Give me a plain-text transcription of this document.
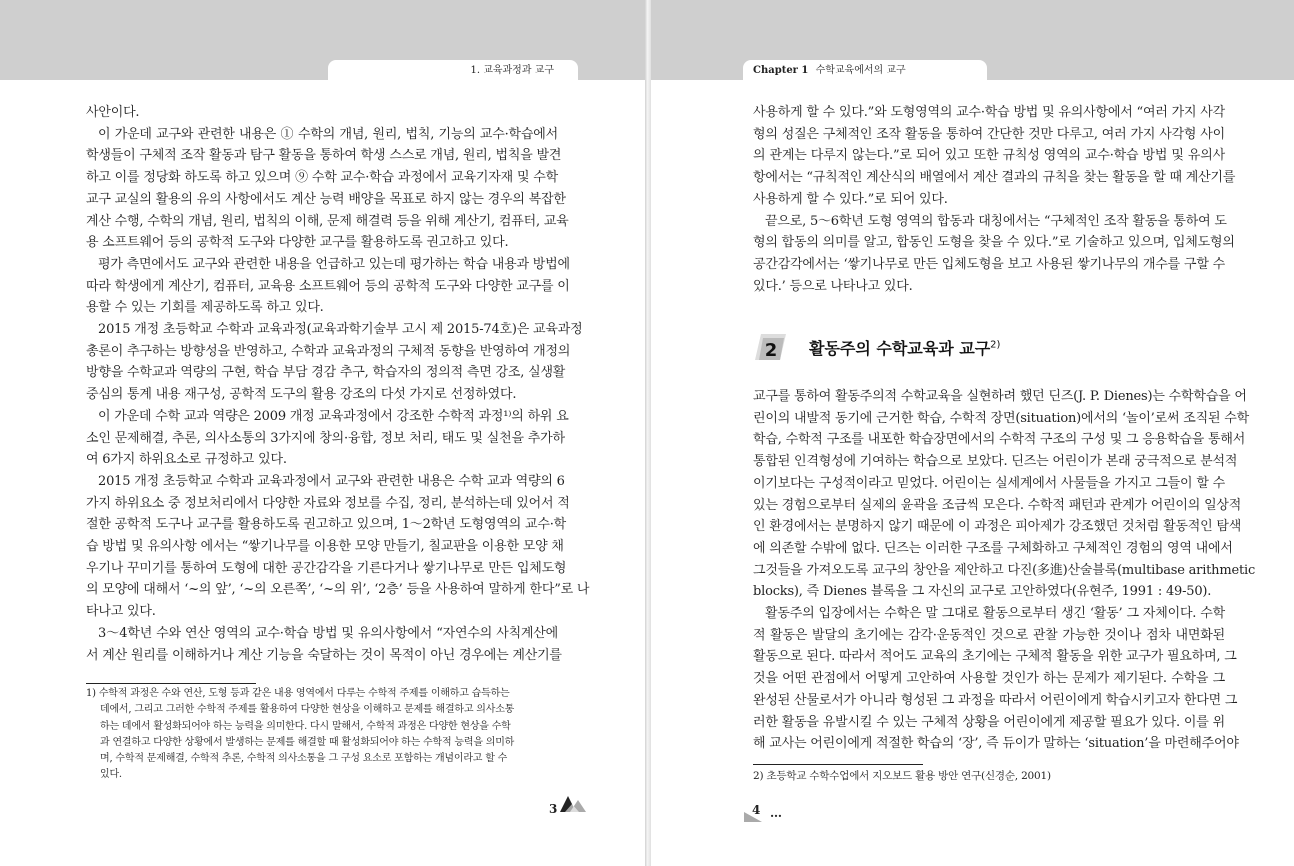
1. 교육과정과 교구	Chapter 1 수학교육에서의 교구
사안이다.
이 가운데 교구와 관련한 내용은 ① 수학의 개념, 원리, 법칙, 기능의 교수·학습에서
학생들이 구체적 조작 활동과 탐구 활동을 통하여 학생 스스로 개념, 원리, 법칙을 발견
하고 이를 정당화 하도록 하고 있으며 ⑨ 수학 교수·학습 과정에서 교육기자재 및 수학
교구 교실의 활용의 유의 사항에서도 계산 능력 배양을 목표로 하지 않는 경우의 복잡한
계산 수행, 수학의 개념, 원리, 법칙의 이해, 문제 해결력 등을 위해 계산기, 컴퓨터, 교육
용 소프트웨어 등의 공학적 도구와 다양한 교구를 활용하도록 권고하고 있다.
평가 측면에서도 교구와 관련한 내용을 언급하고 있는데 평가하는 학습 내용과 방법에
따라 학생에게 계산기, 컴퓨터, 교육용 소프트웨어 등의 공학적 도구와 다양한 교구를 이
용할 수 있는 기회를 제공하도록 하고 있다.
2015 개정 초등학교 수학과 교육과정(교육과학기술부 고시 제 2015-74호)은 교육과정
총론이 추구하는 방향성을 반영하고, 수학과 교육과정의 구체적 동향을 반영하여 개정의
방향을 수학교과 역량의 구현, 학습 부담 경감 추구, 학습자의 정의적 측면 강조, 실생활
중심의 통계 내용 재구성, 공학적 도구의 활용 강조의 다섯 가지로 선정하였다.
이 가운데 수학 교과 역량은 2009 개정 교육과정에서 강조한 수학적 과정¹⁾의 하위 요
소인 문제해결, 추론, 의사소통의 3가지에 창의·융합, 정보 처리, 태도 및 실천을 추가하
여 6가지 하위요소로 규정하고 있다.
2015 개정 초등학교 수학과 교육과정에서 교구와 관련한 내용은 수학 교과 역량의 6
가지 하위요소 중 정보처리에서 다양한 자료와 정보를 수집, 정리, 분석하는데 있어서 적
절한 공학적 도구나 교구를 활용하도록 권고하고 있으며, 1～2학년 도형영역의 교수·학
습 방법 및 유의사항 에서는 “쌓기나무를 이용한 모양 만들기, 칠교판을 이용한 모양 채
우기나 꾸미기를 통하여 도형에 대한 공간감각을 기른다거나 쌓기나무로 만든 입체도형
의 모양에 대해서 ‘~의 앞’, ‘~의 오른쪽’, ‘~의 위’, ‘2층’ 등을 사용하여 말하게 한다”로 나
타나고 있다.
3～4학년 수와 연산 영역의 교수·학습 방법 및 유의사항에서 “자연수의 사칙계산에
서 계산 원리를 이해하거나 계산 기능을 숙달하는 것이 목적이 아닌 경우에는 계산기를
1) 수학적 과정은 수와 연산, 도형 등과 같은 내용 영역에서 다루는 수학적 주제를 이해하고 습득하는
데에서, 그리고 그러한 수학적 주제를 활용하여 다양한 현상을 이해하고 문제를 해결하고 의사소통
하는 데에서 활성화되어야 하는 능력을 의미한다. 다시 말해서, 수학적 과정은 다양한 현상을 수학
과 연결하고 다양한 상황에서 발생하는 문제를 해결할 때 활성화되어야 하는 수학적 능력을 의미하
며, 수학적 문제해결, 수학적 추론, 수학적 의사소통을 그 구성 요소로 포함하는 개념이라고 할 수
있다.
3
사용하게 할 수 있다.”와 도형영역의 교수·학습 방법 및 유의사항에서 “여러 가지 사각
형의 성질은 구체적인 조작 활동을 통하여 간단한 것만 다루고, 여러 가지 사각형 사이
의 관계는 다루지 않는다.”로 되어 있고 또한 규칙성 영역의 교수·학습 방법 및 유의사
항에서는 “규칙적인 계산식의 배열에서 계산 결과의 규칙을 찾는 활동을 할 때 계산기를
사용하게 할 수 있다.”로 되어 있다.
끝으로, 5～6학년 도형 영역의 합동과 대칭에서는 “구체적인 조작 활동을 통하여 도
형의 합동의 의미를 알고, 합동인 도형을 찾을 수 있다.”로 기술하고 있으며, 입체도형의
공간감각에서는 ‘쌓기나무로 만든 입체도형을 보고 사용된 쌓기나무의 개수를 구할 수
있다.’ 등으로 나타나고 있다.
2 활동주의 수학교육과 교구$^{2)}$
교구를 통하여 활동주의적 수학교육을 실현하려 했던 딘즈(J. P. Dienes)는 수학학습을 어
린이의 내발적 동기에 근거한 학습, 수학적 장면(situation)에서의 ‘놀이’로써 조직된 수학
학습, 수학적 구조를 내포한 학습장면에서의 수학적 구조의 구성 및 그 응용학습을 통해서
통합된 인격형성에 기여하는 학습으로 보았다. 딘즈는 어린이가 본래 궁극적으로 분석적
이기보다는 구성적이라고 믿었다. 어린이는 실세계에서 사물들을 가지고 그들이 할 수
있는 경험으로부터 실제의 윤곽을 조금씩 모은다. 수학적 패턴과 관계가 어린이의 일상적
인 환경에서는 분명하지 않기 때문에 이 과정은 피아제가 강조했던 것처럼 활동적인 탐색
에 의존할 수밖에 없다. 딘즈는 이러한 구조를 구체화하고 구체적인 경험의 영역 내에서
그것들을 가져오도록 교구의 창안을 제안하고 다진(多進)산술블록(multibase arithmetic
blocks), 즉 Dienes 블록을 그 자신의 교구로 고안하였다(유현주, 1991 : 49-50).
활동주의 입장에서는 수학은 말 그대로 활동으로부터 생긴 ‘활동’ 그 자체이다. 수학
적 활동은 발달의 초기에는 감각·운동적인 것으로 관찰 가능한 것이나 점차 내면화된
활동으로 된다. 따라서 적어도 교육의 초기에는 구체적 활동을 위한 교구가 필요하며, 그
것을 어떤 관점에서 어떻게 고안하여 사용할 것인가 하는 문제가 제기된다. 수학을 그
완성된 산물로서가 아니라 형성된 그 과정을 따라서 어린이에게 학습시키고자 한다면 그
러한 활동을 유발시킬 수 있는 구체적 상황을 어린이에게 제공할 필요가 있다. 이를 위
해 교사는 어린이에게 적절한 학습의 ‘장’, 즉 듀이가 말하는 ‘situation’을 마련해주어야
2) 초등학교 수학수업에서 지오보드 활용 방안 연구(신경순, 2001)
4 …
